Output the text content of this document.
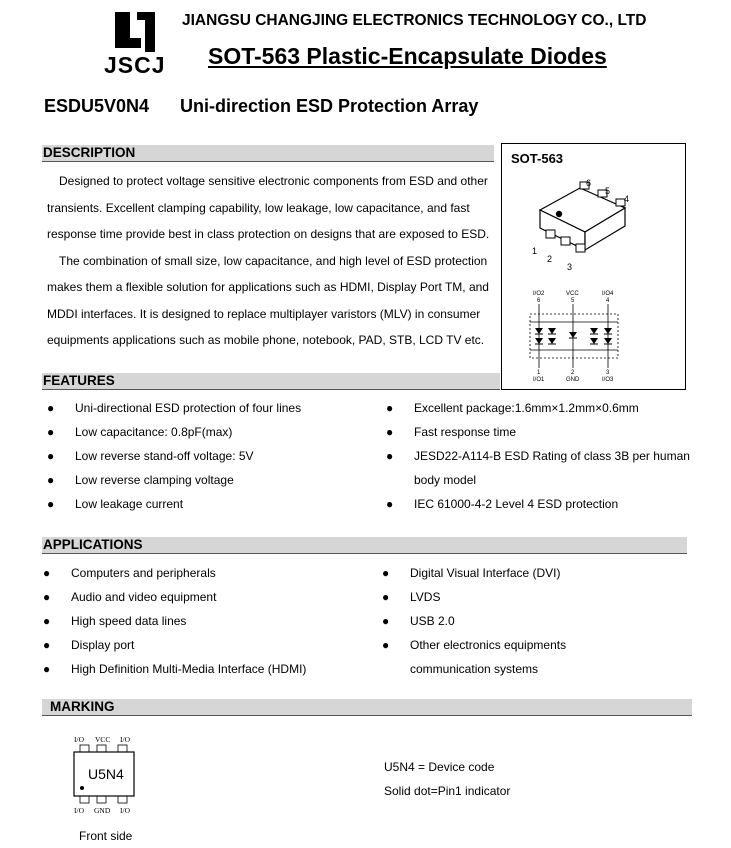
JSCJ
JIANGSU CHANGJING ELECTRONICS TECHNOLOGY CO., LTD
SOT-563 Plastic-Encapsulate Diodes
ESDU5V0N4 Uni-direction ESD Protection Array
DESCRIPTION
Designed to protect voltage sensitive electronic components from ESD and other
transients. Excellent clamping capability, low leakage, low capacitance, and fast
response time provide best in class protection on designs that are exposed to ESD.
The combination of small size, low capacitance, and high level of ESD protection
makes them a flexible solution for applications such as HDMI, Display Port TM, and
MDDI interfaces. It is designed to replace multiplayer varistors (MLV) in consumer
equipments applications such as mobile phone, notebook, PAD, STB, LCD TV etc.
SOT-563
6
5
4
1
2
3
I/O2	VCC	I/O4
6	5	4
1	2	3
I/O1	GND	I/O3
FEATURES
● Uni-directional ESD protection of four lines
● Low capacitance: 0.8pF(max)
● Low reverse stand-off voltage: 5V
● Low reverse clamping voltage
● Low leakage current
● Excellent package:1.6mm×1.2mm×0.6mm
● Fast response time
● JESD22-A114-B ESD Rating of class 3B per human
body model
● IEC 61000-4-2 Level 4 ESD protection
APPLICATIONS
● Computers and peripherals
● Audio and video equipment
● High speed data lines
● Display port
● High Definition Multi-Media Interface (HDMI)
● Digital Visual Interface (DVI)
● LVDS
● USB 2.0
● Other electronics equipments
communication systems
MARKING
I/O VCC I/O
I/O GND I/O
U5N4
Front side
U5N4 = Device code
Solid dot=Pin1 indicator
